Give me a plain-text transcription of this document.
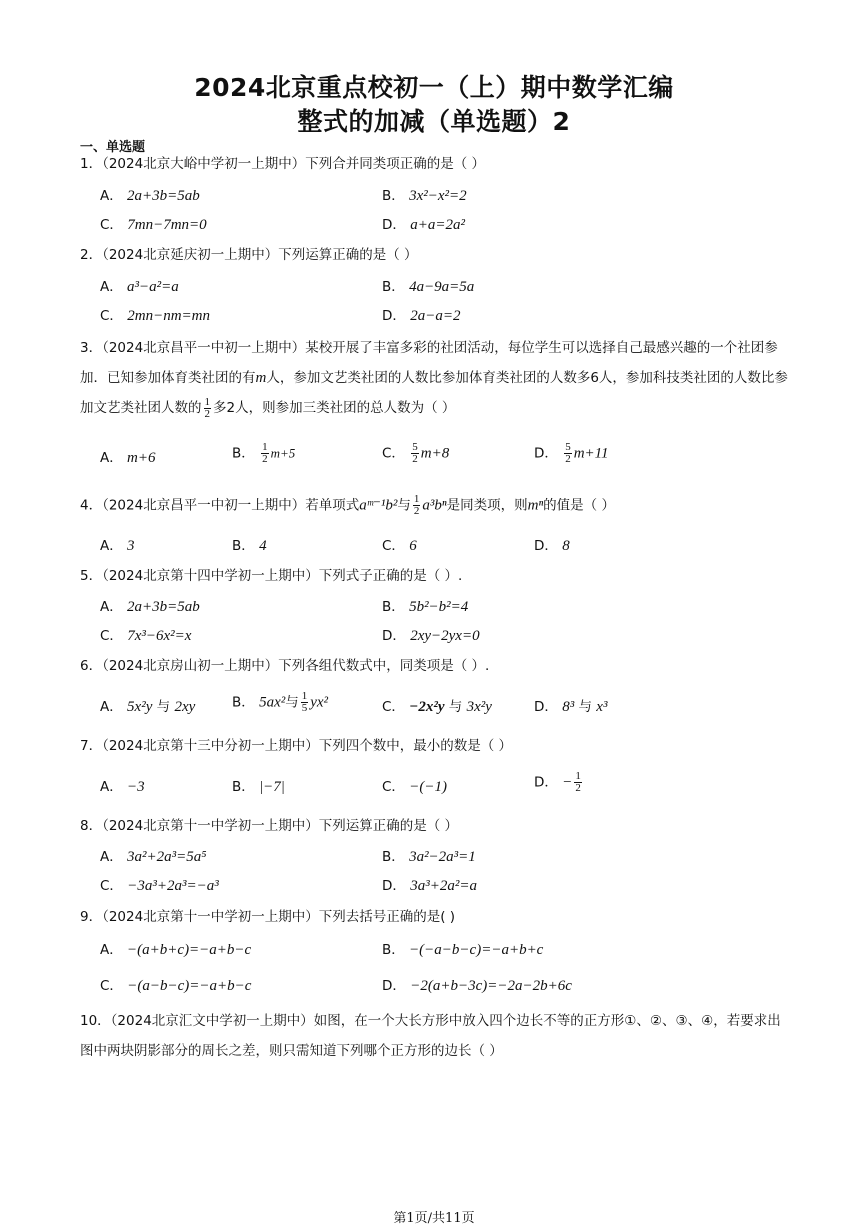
2024北京重点校初一（上）期中数学汇编
整式的加减（单选题）2
一、单选题
1．（2024北京大峪中学初一上期中）下列合并同类项正确的是（ ）
A． 2a+3b=5ab	B． 3x²−x²=2
C． 7mn−7mn=0	D． a+a=2a²
2．（2024北京延庆初一上期中）下列运算正确的是（ ）
A． a³−a²=a	B． 4a−9a=5a
C． 2mn−nm=mn	D． 2a−a=2
3．（2024北京昌平一中初一上期中）某校开展了丰富多彩的社团活动，每位学生可以选择自己最感兴趣的一个社团参加．已知参加体育类社团的有m人，参加文艺类社团的人数比参加体育类社团的人数多6人，参加科技类社团的人数比参加文艺类社团人数的 $\frac{1}{2}$ 多2人，则参加三类社团的总人数为（ ）
A． m+6	B． $\frac{1}{2} m+5$	C． $\frac{5}{2} m+8$	D． $\frac{5}{2} m+11$
4．（2024北京昌平一中初一上期中）若单项式aᵐ⁻¹b²与 $\frac{1}{2} a^3b^n$是同类项，则mⁿ的值是（ ）
A． 3	B． 4	C． 6	D． 8
5．（2024北京第十四中学初一上期中）下列式子正确的是（ ）.
A． 2a+3b=5ab	B． 5b²−b²=4
C． 7x³−6x²=x	D． 2xy−2yx=0
6．（2024北京房山初一上期中）下列各组代数式中，同类项是（ ）.
A． 5x²y 与 2xy	B． 5ax²与 $\frac{1}{5} yx^2$	C． −2x²y 与 3x²y	D． 8³ 与 x³
7．（2024北京第十三中分初一上期中）下列四个数中，最小的数是（ ）
A． −3	B． |−7|	C． −(−1)	D． − $\frac{1}{2}$
8．（2024北京第十一中学初一上期中）下列运算正确的是（ ）
A． 3a²+2a³=5a⁵	B． 3a²−2a³=1
C． −3a³+2a³=−a³	D． 3a³+2a²=a
9．（2024北京第十一中学初一上期中）下列去括号正确的是( )
A． −(a+b+c)=−a+b−c	B． −(−a−b−c)=−a+b+c
C． −(a−b−c)=−a+b−c	D． −2(a+b−3c)=−2a−2b+6c
10．（2024北京汇文中学初一上期中）如图，在一个大长方形中放入四个边长不等的正方形①、②、③、④，若要求出图中两块阴影部分的周长之差，则只需知道下列哪个正方形的边长（ ）
第1页/共11页
